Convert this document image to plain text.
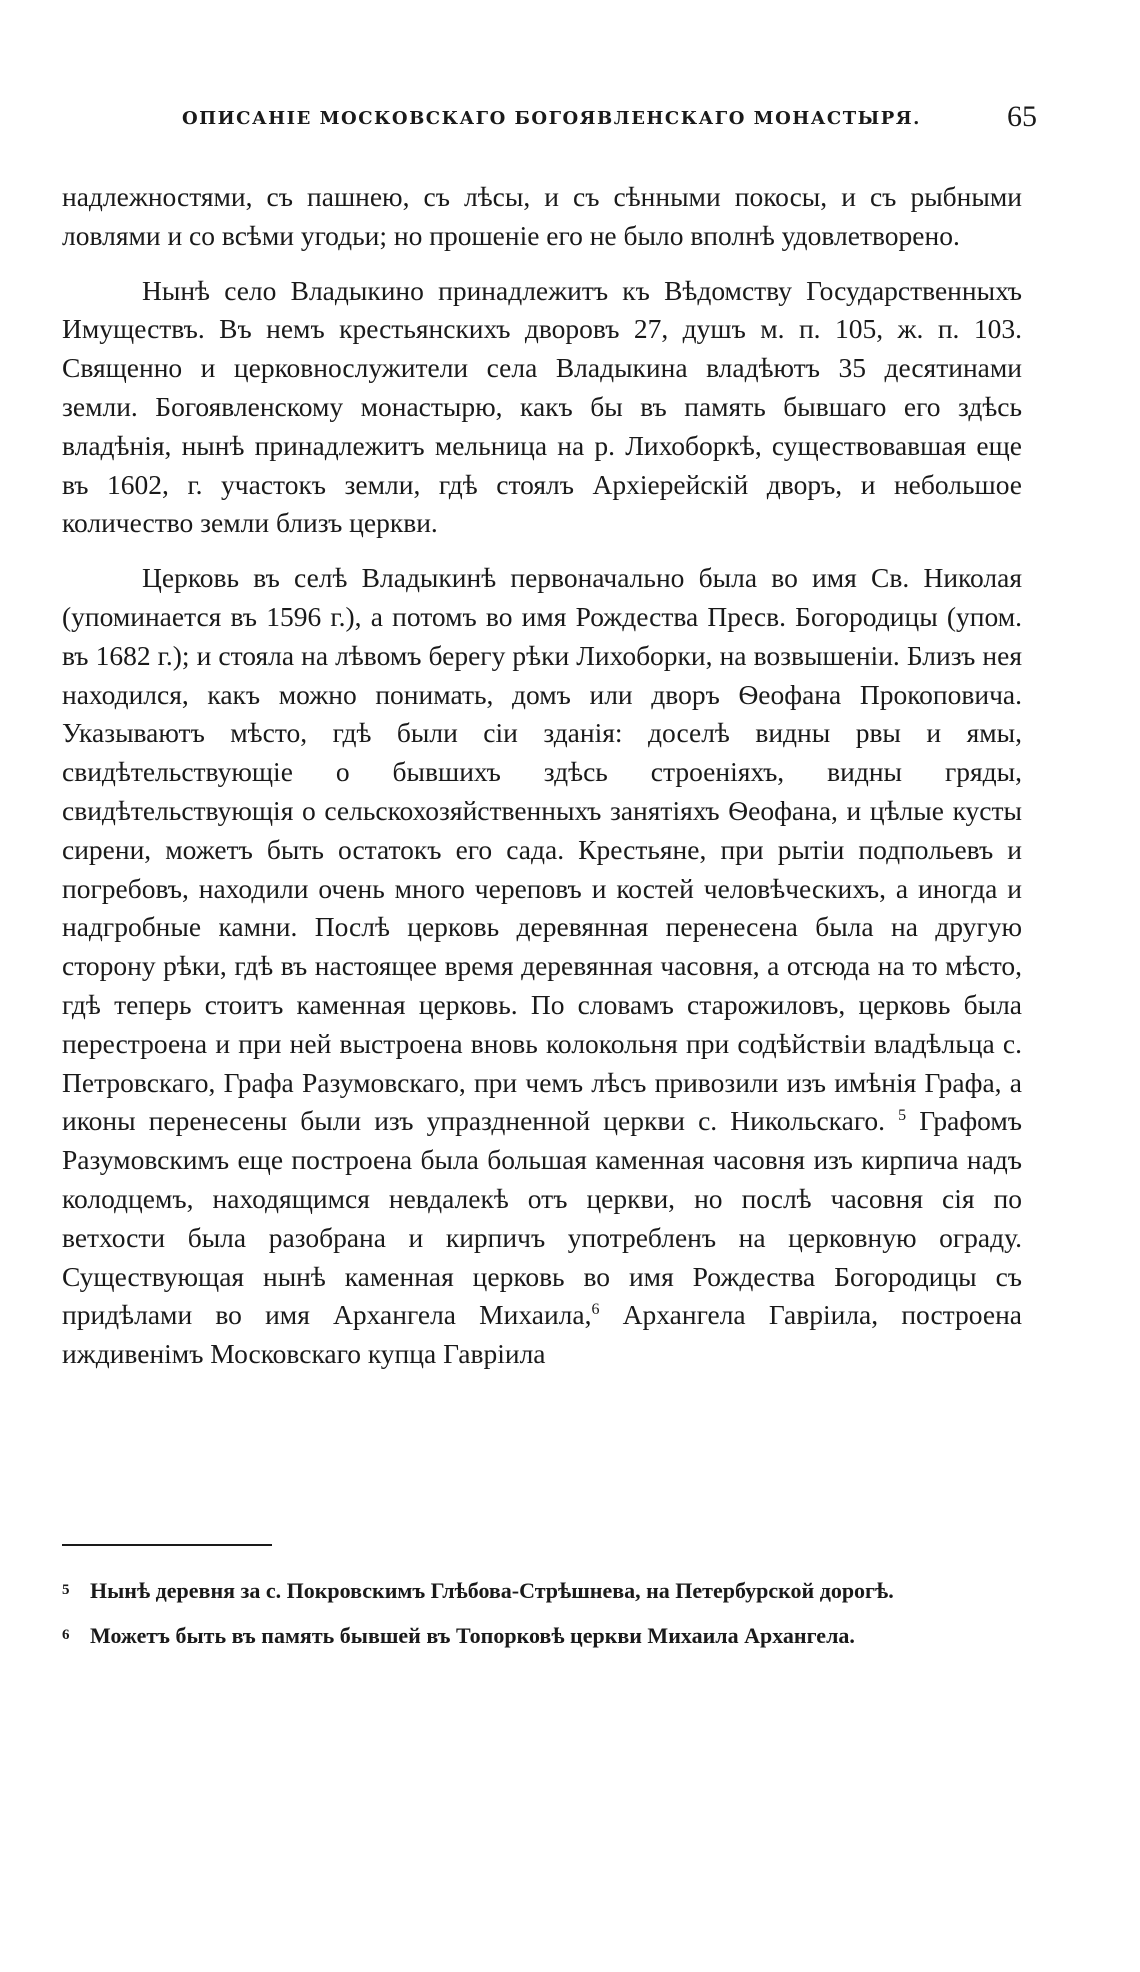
ОПИСАНІЕ МОСКОВСКАГО БОГОЯВЛЕНСКАГО МОНАСТЫРЯ.	65

надлежностями, съ пашнею, съ лѣсы, и съ сѣнными покосы, и съ рыбными ловлями и со всѣми угодьи; но прошеніе его не было вполнѣ удовлетворено.

Нынѣ село Владыкино принадлежитъ къ Вѣдомству Государственныхъ Имуществъ. Въ немъ крестьянскихъ дворовъ 27, душъ м. п. 105, ж. п. 103. Священно и церковнослужители села Владыкина владѣютъ 35 десятинами земли. Богоявленскому монастырю, какъ бы въ память бывшаго его здѣсь владѣнія, нынѣ принадлежитъ мельница на р. Лихоборкѣ, существовавшая еще въ 1602, г. участокъ земли, гдѣ стоялъ Архіерейскій дворъ, и небольшое количество земли близъ церкви.

Церковь въ селѣ Владыкинѣ первоначально была во имя Св. Николая (упоминается въ 1596 г.), а потомъ во имя Рождества Пресв. Богородицы (упом. въ 1682 г.); и стояла на лѣвомъ берегу рѣки Лихоборки, на возвышеніи. Близъ нея находился, какъ можно понимать, домъ или дворъ Ѳеофана Прокоповича. Указываютъ мѣсто, гдѣ были сіи зданія: доселѣ видны рвы и ямы, свидѣтельствующіе о бывшихъ здѣсь строеніяхъ, видны гряды, свидѣтельствующія о сельскохозяйственныхъ занятіяхъ Ѳеофана, и цѣлые кусты сирени, можетъ быть остатокъ его сада. Крестьяне, при рытіи подпольевъ и погребовъ, находили очень много череповъ и костей человѣческихъ, а иногда и надгробные камни. Послѣ церковь деревянная перенесена была на другую сторону рѣки, гдѣ въ настоящее время деревянная часовня, а отсюда на то мѣсто, гдѣ теперь стоитъ каменная церковь. По словамъ старожиловъ, церковь была перестроена и при ней выстроена вновь колокольня при содѣйствіи владѣльца с. Петровскаго, Графа Разумовскаго, при чемъ лѣсъ привозили изъ имѣнія Графа, а иконы перенесены были изъ упраздненной церкви с. Никольскаго. $^5$ Графомъ Разумовскимъ еще построена была большая каменная часовня изъ кирпича надъ колодцемъ, находящимся невдалекѣ отъ церкви, но послѣ часовня сія по ветхости была разобрана и кирпичъ употребленъ на церковную ограду. Существующая нынѣ каменная церковь во имя Рождества Богородицы съ придѣлами во имя Архангела Михаила,$^6$ Архангела Гавріила, построена иждивенімъ Московскаго купца Гавріила

5 Нынѣ деревня за с. Покровскимъ Глѣбова-Стрѣшнева, на Петербурской дорогѣ.

6 Можетъ быть въ память бывшей въ Топорковѣ церкви Михаила Архангела.
